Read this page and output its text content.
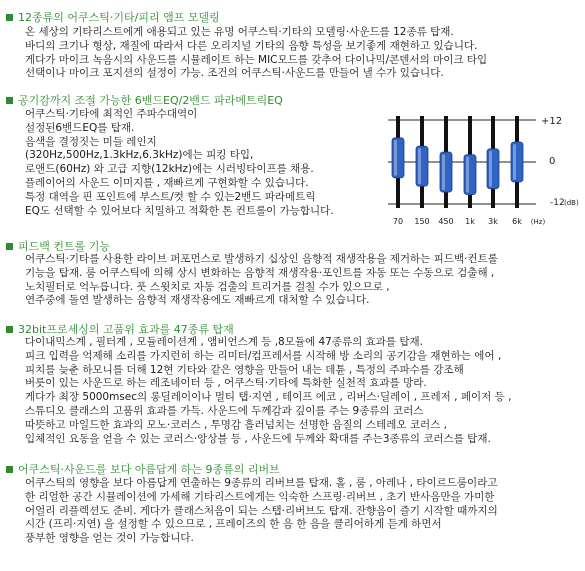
12종류의 어쿠스틱·기타/피리 앰프 모델링
온 세상의 기타리스트에게 애용되고 있는 유명 어쿠스틱·기타의 모델링·사운드를 12종류 탑재.
바디의 크기나 형상, 재질에 따라서 다른 오리지널 기타의 음향 특성을 보기좋게 재현하고 있습니다.
게다가 마이크 녹음시의 사운드를 시뮬레이트 하는 MIC모드를 갖추어 다이나믹/콘덴서의 마이크 타입
선택이나 마이크 포지션의 설정이 가능. 조건의 어쿠스틱·사운드를 만들어 낼 수가 있습니다.
공기감까지 조절 가능한 6밴드EQ/2밴드 파라메트릭EQ
어쿠스틱·기타에 최적인 주파수대역이
설정된6밴드EQ를 탑재.
음색을 결정짓는 미들 레인지
(320Hz,500Hz,1.3kHz,6.3kHz)에는 피킹 타입,
로앤드(60Hz) 와 고급 지향(12kHz)에는 시러빙타이프를 채용.
플레이어의 사운드 이미지를 , 재빠르게 구현화할 수 있습니다.
특정 대역을 핀 포인트에 부스트/컷 할 수 있는2밴드 파라메트릭
EQ도 선택할 수 있어보다 치밀하고 적확한 톤 컨트롤이 가능합니다.
+12
0
-12 (dB)
70 150 450 1k 3k 6k (Hz)
피드백 컨트롤 기능
어쿠스틱·기타를 사용한 라이브 퍼포먼스로 발생하기 십상인 음향적 재생작용을 제거하는 피드백·컨트롤
기능을 탑재. 룸 어쿠스틱에 의해 상시 변화하는 음향적 재생작용·포인트를 자동 또는 수동으로 검출해 ,
노치필터로 억누릅니다. 풋 스윗치로 자동 검출의 트리거를 걸칠 수가 있으므로 ,
연주중에 돌연 발생하는 음향적 재생작용에도 재빠르게 대처할 수 있습니다.
32bit프로세싱의 고품위 효과를 47종류 탑재
다이내믹스계 , 필터계 , 모듈레이션계 , 앰비언스계 등 ,8모듈에 47종류의 효과를 탑재.
피크 입력을 억제해 소리를 가지런히 하는 리미터/컴프레서를 시작해 방 소리의 공기감을 재현하는 에어 ,
피치를 늦춘 하모니를 더해 12현 기타와 같은 영향을 만들어 내는 데튠 , 특정의 주파수를 강조해
버릇이 있는 사운드로 하는 레조네이터 등 , 어쿠스틱·기타에 특화한 실천적 효과를 망라.
게다가 최장 5000msec의 롱딜레이이나 멀티 탭·지연 , 테이프 에코 , 리버스·딜레이 , 프레저 , 페이저 등 ,
스튜디오 클래스의 고품위 효과를 가득. 사운드에 두께감과 깊이를 주는 9종류의 코러스
따뜻하고 마일드한 효과의 모노·코러스 , 투명감 흘러넘치는 선명한 음질의 스테레오 코러스 ,
입체적인 요동을 얻을 수 있는 코러스·앙상블 등 , 사운드에 두께와 확대를 주는3종류의 코러스를 탑재.
어쿠스틱·사운드를 보다 아름답게 하는 9종류의 리버브
어쿠스틱의 영향을 보다 아름답게 연출하는 9종류의 리버브를 탑재. 홀 , 룸 , 아레나 , 타이르드룸이라고
한 리얼한 공간 시뮬레이션에 가세해 기타리스트에게는 익숙한 스프링·리버브 , 초기 반사음만을 가미한
어얼리 리플렉션도 준비. 게다가 클래스처음이 되는 스탭·리버브도 탑재. 잔향음이 즐기 시작할 때까지의
시간 (프리·지연) 을 설정할 수 있으므로 , 프레이즈의 한 음 한 음을 클리어하게 듣게 하면서
풍부한 영향을 얻는 것이 가능합니다.
